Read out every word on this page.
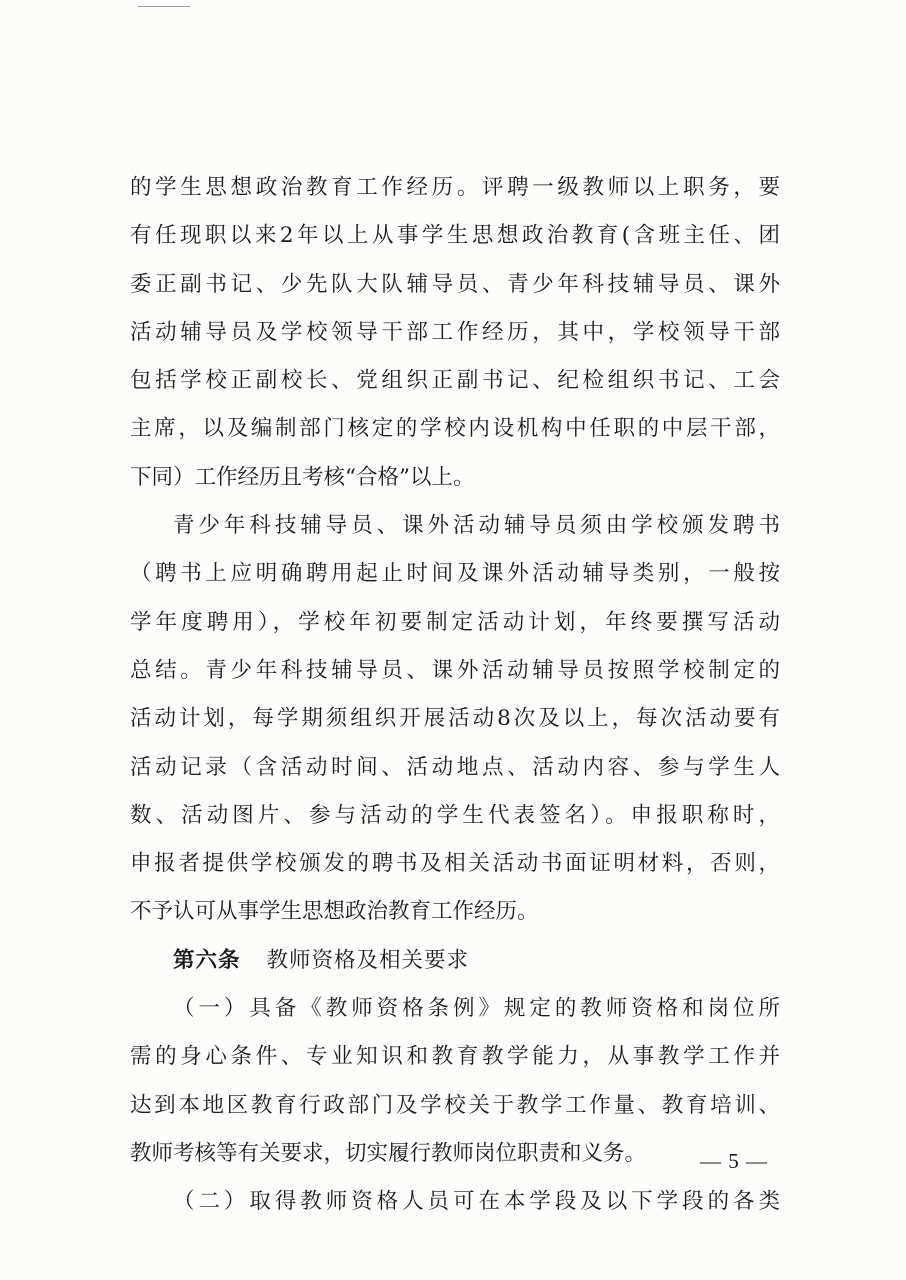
的学生思想政治教育工作经历。评聘一级教师以上职务，要
有任现职以来2年以上从事学生思想政治教育(含班主任、团
委正副书记、少先队大队辅导员、青少年科技辅导员、课外
活动辅导员及学校领导干部工作经历，其中，学校领导干部
包括学校正副校长、党组织正副书记、纪检组织书记、工会
主席，以及编制部门核定的学校内设机构中任职的中层干部，
下同）工作经历且考核“合格”以上。
青少年科技辅导员、课外活动辅导员须由学校颁发聘书
（聘书上应明确聘用起止时间及课外活动辅导类别，一般按
学年度聘用），学校年初要制定活动计划，年终要撰写活动
总结。青少年科技辅导员、课外活动辅导员按照学校制定的
活动计划，每学期须组织开展活动8次及以上，每次活动要有
活动记录（含活动时间、活动地点、活动内容、参与学生人
数、活动图片、参与活动的学生代表签名）。申报职称时，
申报者提供学校颁发的聘书及相关活动书面证明材料，否则，
不予认可从事学生思想政治教育工作经历。
第六条 教师资格及相关要求
（一）具备《教师资格条例》规定的教师资格和岗位所
需的身心条件、专业知识和教育教学能力，从事教学工作并
达到本地区教育行政部门及学校关于教学工作量、教育培训、
教师考核等有关要求，切实履行教师岗位职责和义务。
（二）取得教师资格人员可在本学段及以下学段的各类
— 5 —
